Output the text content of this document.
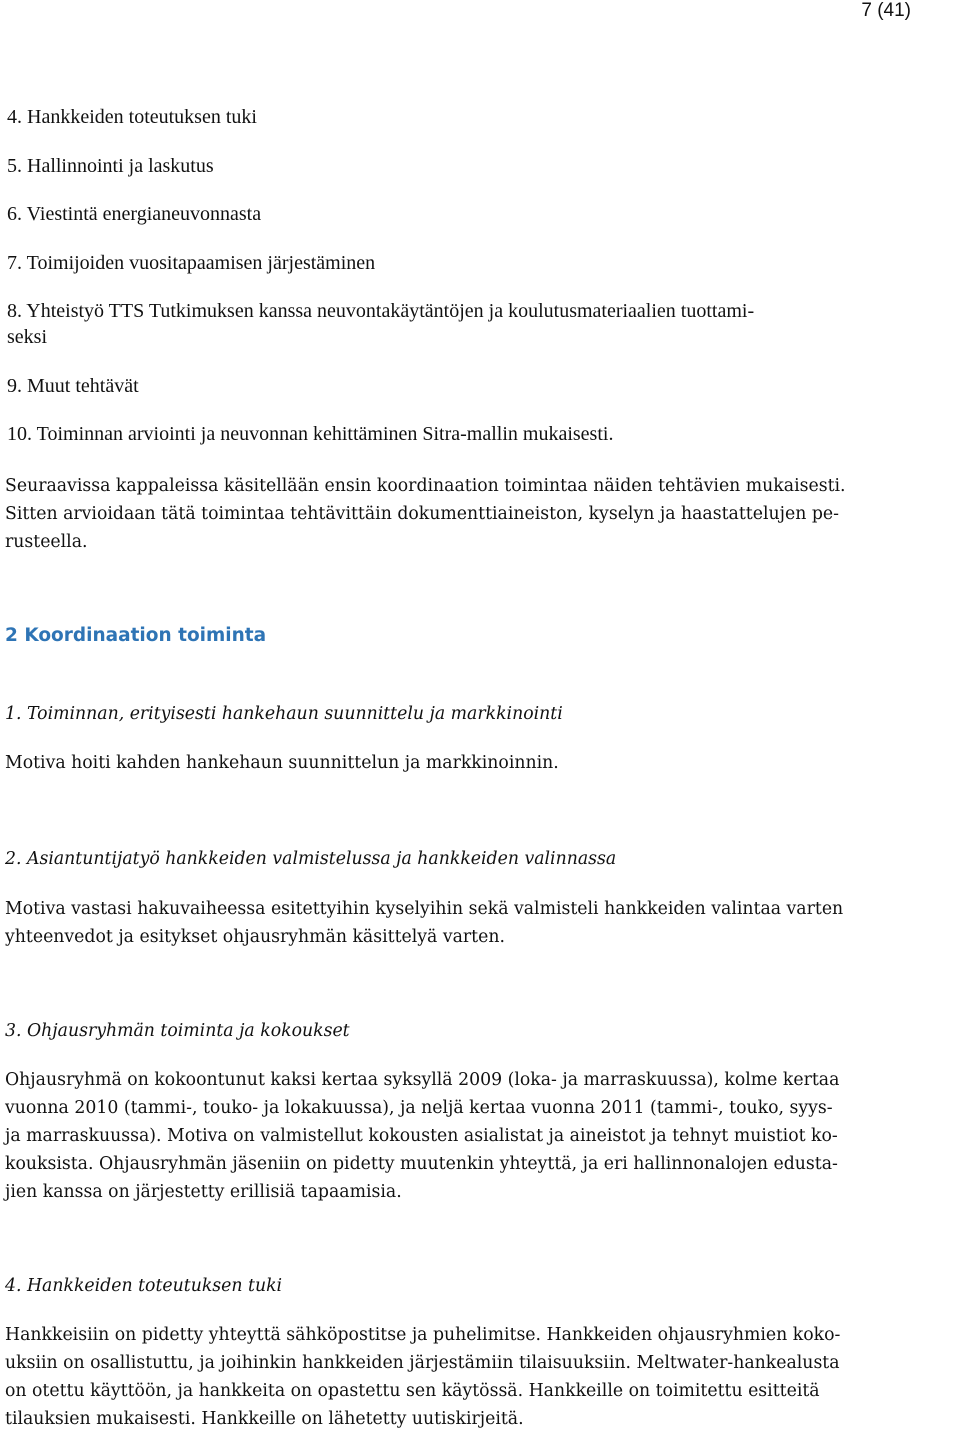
7 (41)

4. Hankkeiden toteutuksen tuki

5. Hallinnointi ja laskutus

6. Viestintä energianeuvonnasta

7. Toimijoiden vuositapaamisen järjestäminen

8. Yhteistyö TTS Tutkimuksen kanssa neuvontakäytäntöjen ja koulutusmateriaalien tuottami-

seksi

9. Muut tehtävät

10. Toiminnan arviointi ja neuvonnan kehittäminen Sitra-mallin mukaisesti.

Seuraavissa kappaleissa käsitellään ensin koordinaation toimintaa näiden tehtävien mukaisesti.
Sitten arvioidaan tätä toimintaa tehtävittäin dokumenttiaineiston, kyselyn ja haastattelujen pe-
rusteella.
2 Koordinaation toiminta
1. Toiminnan, erityisesti hankehaun suunnittelu ja markkinointi
Motiva hoiti kahden hankehaun suunnittelun ja markkinoinnin.
2. Asiantuntijatyö hankkeiden valmistelussa ja hankkeiden valinnassa
Motiva vastasi hakuvaiheessa esitettyihin kyselyihin sekä valmisteli hankkeiden valintaa varten
yhteenvedot ja esitykset ohjausryhmän käsittelyä varten.
3. Ohjausryhmän toiminta ja kokoukset
Ohjausryhmä on kokoontunut kaksi kertaa syksyllä 2009 (loka- ja marraskuussa), kolme kertaa
vuonna 2010 (tammi-, touko- ja lokakuussa), ja neljä kertaa vuonna 2011 (tammi-, touko, syys-
ja marraskuussa). Motiva on valmistellut kokousten asialistat ja aineistot ja tehnyt muistiot ko-
kouksista. Ohjausryhmän jäseniin on pidetty muutenkin yhteyttä, ja eri hallinnonalojen edusta-
jien kanssa on järjestetty erillisiä tapaamisia.
4. Hankkeiden toteutuksen tuki
Hankkeisiin on pidetty yhteyttä sähköpostitse ja puhelimitse. Hankkeiden ohjausryhmien koko-
uksiin on osallistuttu, ja joihinkin hankkeiden järjestämiin tilaisuuksiin. Meltwater-hankealusta
on otettu käyttöön, ja hankkeita on opastettu sen käytössä. Hankkeille on toimitettu esitteitä
tilauksien mukaisesti. Hankkeille on lähetetty uutiskirjeitä.
